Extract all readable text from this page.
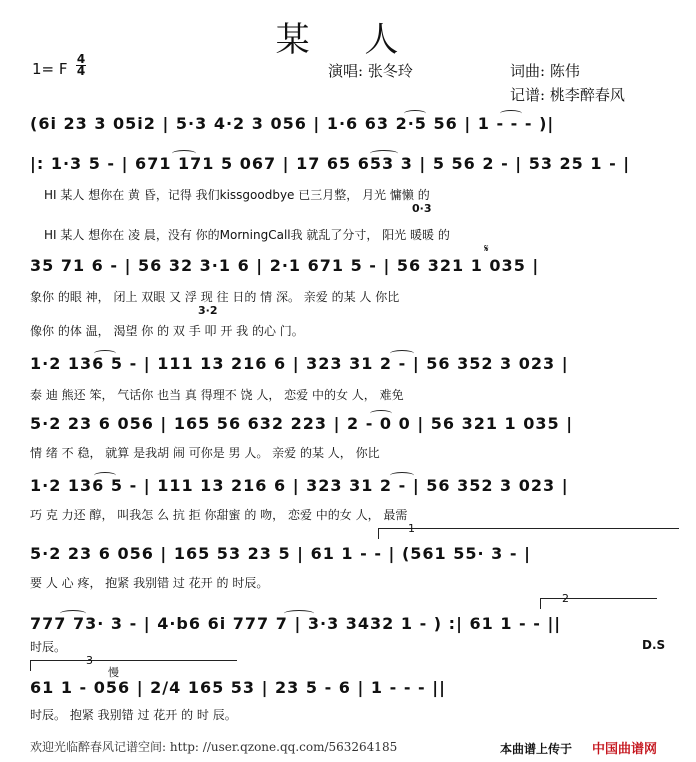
某 人
1= F
4
4	演唱: 张冬玲	词曲: 陈伟
记谱: 桃李醉春风
(6i 23 3 05i2 | 5·3 4·2 3 056 | 1·6 63 2·5 56 | 1 - - - )|
|: 1·3 5 - | 671 171 5 067 | 17 65 653 3 | 5 56 2 - | 53 25 1 - |
HI 某人 想你在 黄 昏，记得 我们kissgoodbye 已三月整， 月光 慵懒 的
0·3
HI 某人 想你在 凌 晨，没有 你的MorningCall我 就乱了分寸， 阳光 暖暖 的
35 71 6 - | 56 32 3·1 6 | 2·1 671 5 - | 56 321 1 035 |
𝄋
象你 的眼 神， 闭上 双眼 又 浮 现 往 日的 情 深。 亲爱 的某 人 你比
3·2
像你 的体 温， 渴望 你 的 双 手 叩 开 我 的心 门。
1·2 136 5 - | 111 13 216 6 | 323 31 2 - | 56 352 3 023 |
泰 迪 熊还 笨， 气话你 也当 真 得理不 饶 人， 恋爱 中的女 人， 难免
5·2 23 6 056 | 165 56 632 223 | 2 - 0 0 | 56 321 1 035 |
情 绪 不 稳， 就算 是我胡 闹 可你是 男 人。 亲爱 的某 人， 你比
1·2 136 5 - | 111 13 216 6 | 323 31 2 - | 56 352 3 023 |
巧 克 力还 醇， 叫我怎 么 抗 拒 你甜蜜 的 吻， 恋爱 中的女 人， 最需
1
5·2 23 6 056 | 165 53 23 5 | 61 1 - - | (561 55· 3 - |
要 人 心 疼， 抱紧 我别错 过 花开 的 时辰。
2
777 73· 3 - | 4·b6 6i 777 7 | 3·3 3432 1 - ) :| 61 1 - - ||
时辰。	D.S
3
慢
61 1 - 056 | 2/4 165 53 | 23 5 - 6 | 1 - - - ||
时辰。 抱紧 我别错 过 花开 的 时 辰。
欢迎光临醉春风记谱空间: http: //user.qzone.qq.com/563264185	本曲谱上传于 中国曲谱网
